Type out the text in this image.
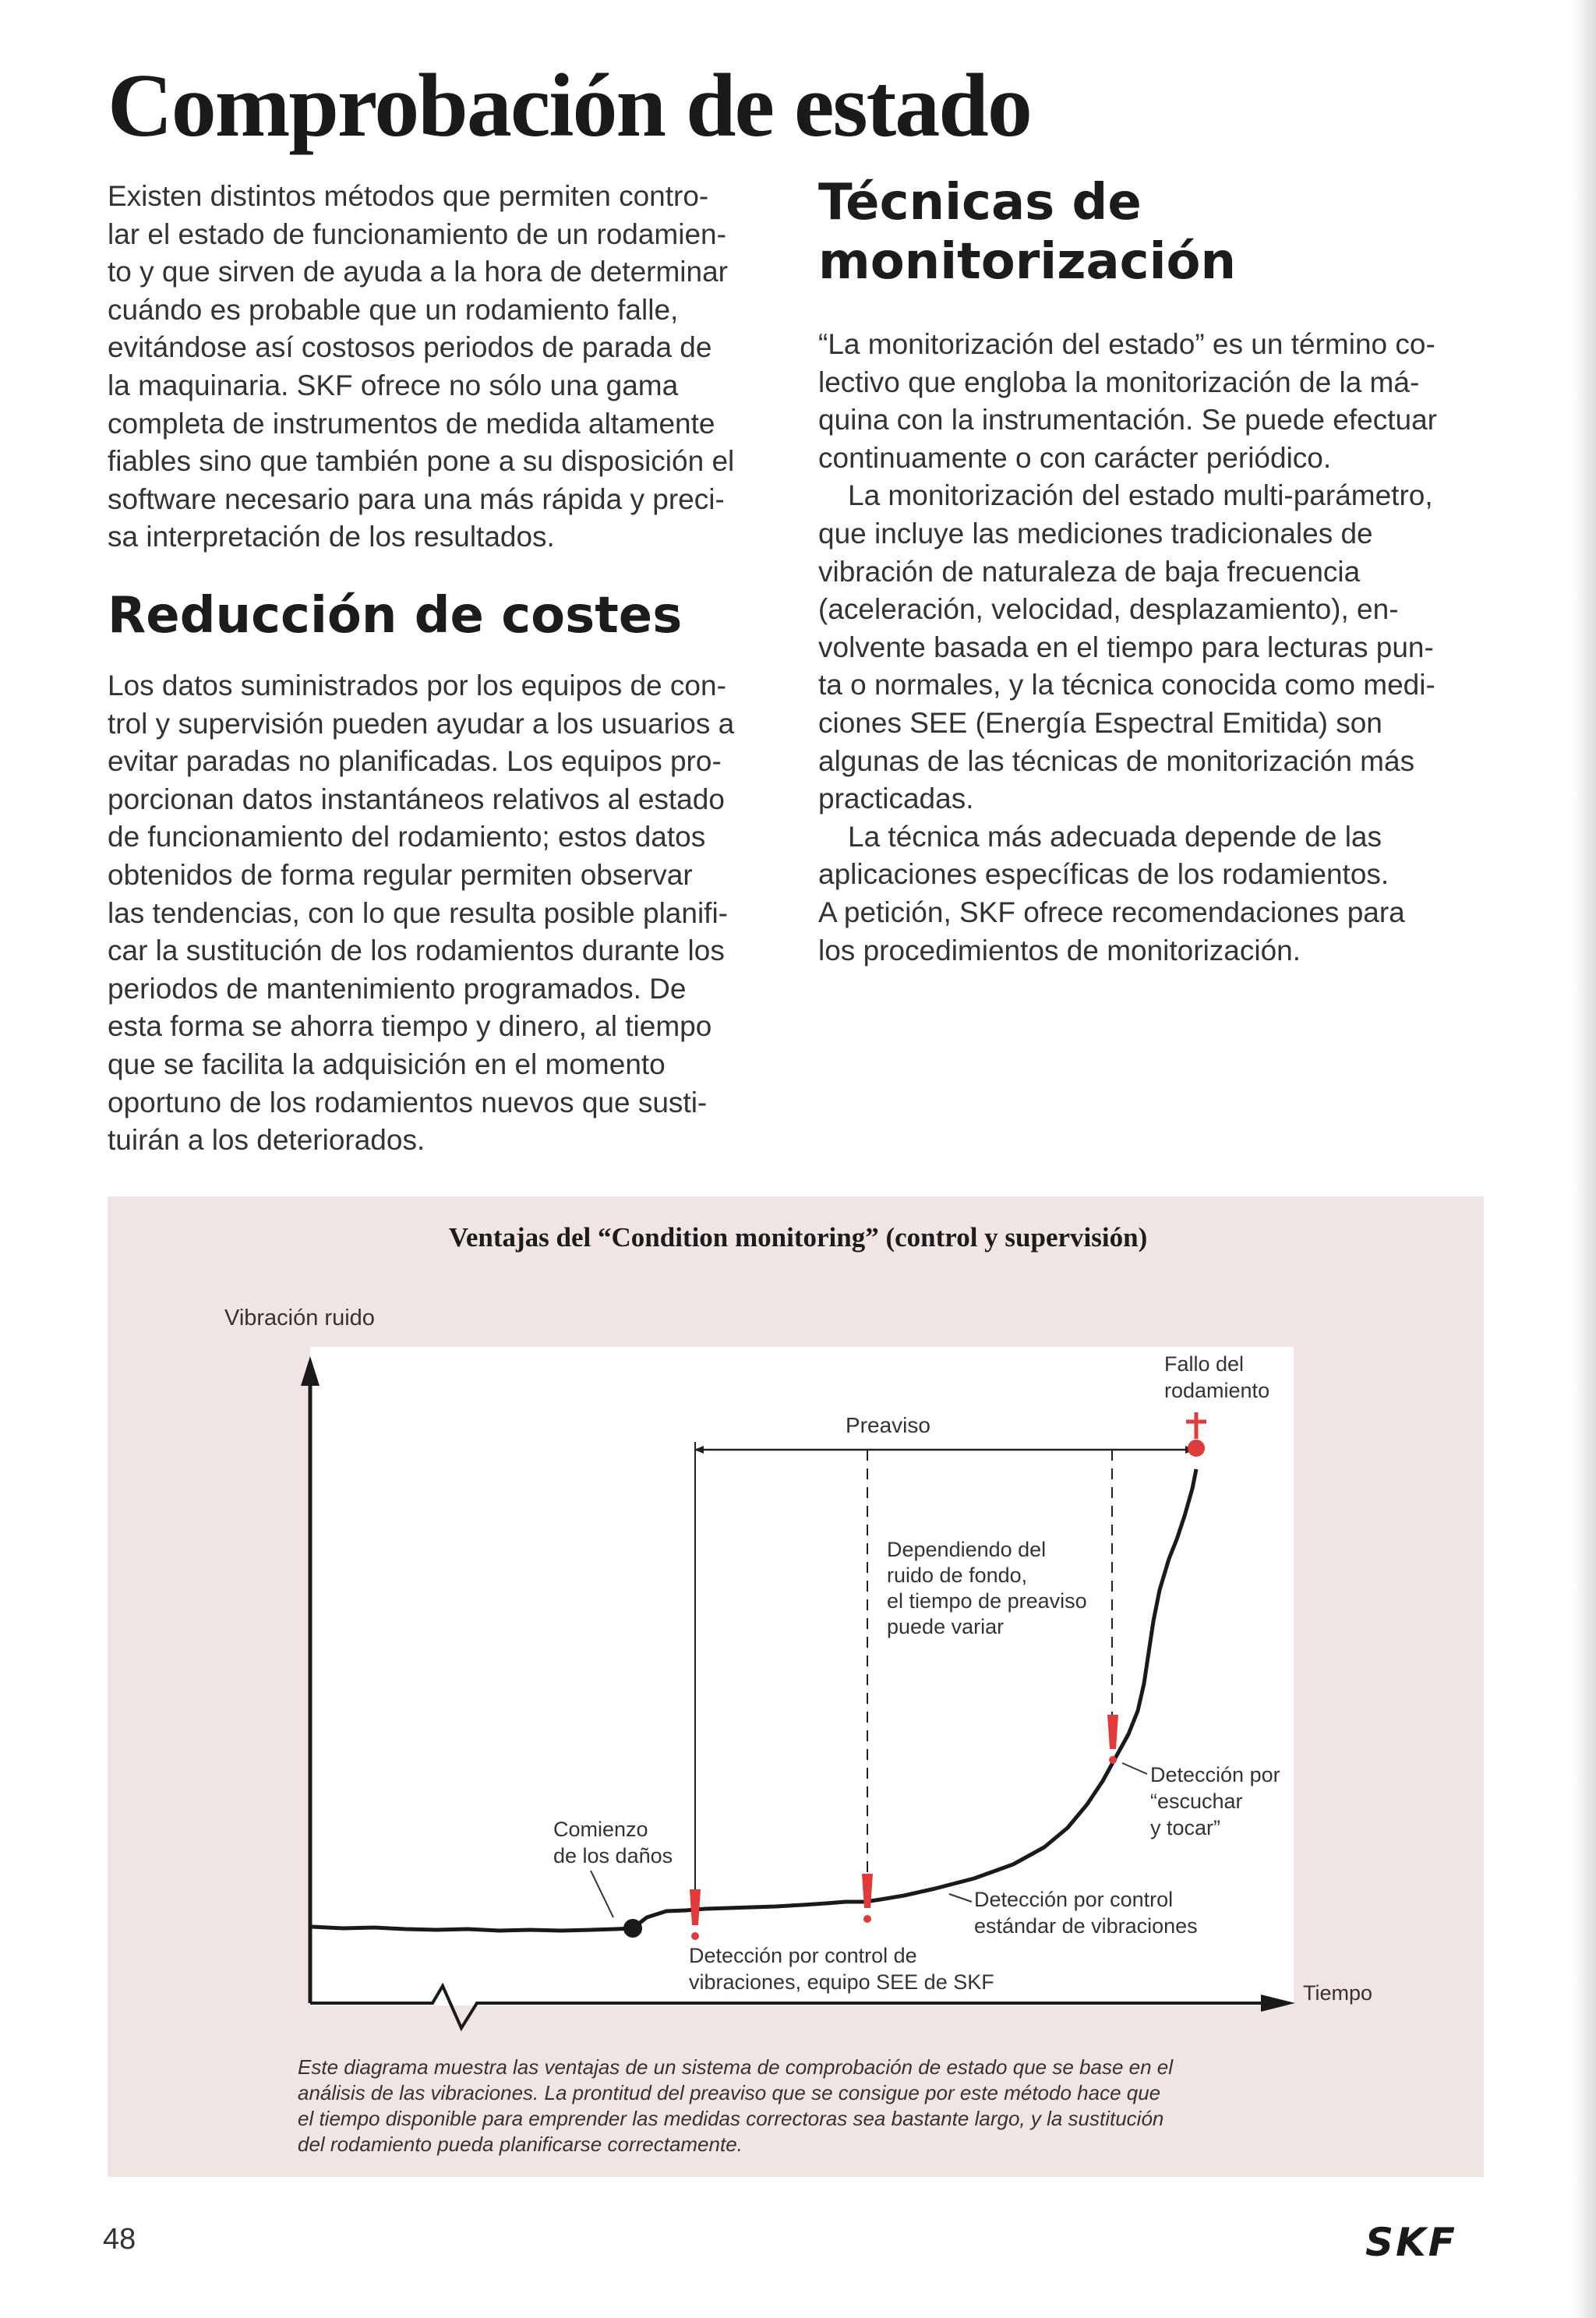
Comprobación de estado

Existen distintos métodos que permiten contro-

lar el estado de funcionamiento de un rodamien-

to y que sirven de ayuda a la hora de determinar

cuándo es probable que un rodamiento falle,

evitándose así costosos periodos de parada de

la maquinaria. SKF ofrece no sólo una gama

completa de instrumentos de medida altamente

fiables sino que también pone a su disposición el

software necesario para una más rápida y preci-

sa interpretación de los resultados.

Reducción de costes

Los datos suministrados por los equipos de con-

trol y supervisión pueden ayudar a los usuarios a

evitar paradas no planificadas. Los equipos pro-

porcionan datos instantáneos relativos al estado

de funcionamiento del rodamiento; estos datos

obtenidos de forma regular permiten observar

las tendencias, con lo que resulta posible planifi-

car la sustitución de los rodamientos durante los

periodos de mantenimiento programados. De

esta forma se ahorra tiempo y dinero, al tiempo

que se facilita la adquisición en el momento

oportuno de los rodamientos nuevos que susti-

tuirán a los deteriorados.

Técnicas de
monitorización

“La monitorización del estado” es un término co-

lectivo que engloba la monitorización de la má-

quina con la instrumentación. Se puede efectuar

continuamente o con carácter periódico.

La monitorización del estado multi-parámetro,

que incluye las mediciones tradicionales de

vibración de naturaleza de baja frecuencia

(aceleración, velocidad, desplazamiento), en-

volvente basada en el tiempo para lecturas pun-

ta o normales, y la técnica conocida como medi-

ciones SEE (Energía Espectral Emitida) son

algunas de las técnicas de monitorización más

practicadas.

La técnica más adecuada depende de las

aplicaciones específicas de los rodamientos.

A petición, SKF ofrece recomendaciones para

los procedimientos de monitorización.

Ventajas del “Condition monitoring” (control y supervisión)
Vibración ruido
Tiempo
Comienzo
de los daños
Preaviso
Dependiendo del
ruido de fondo,
el tiempo de preaviso
puede variar
Fallo del
rodamiento
Detección por
“escuchar
y tocar”
Detección por control
estándar de vibraciones
Detección por control de
vibraciones, equipo SEE de SKF
Este diagrama muestra las ventajas de un sistema de comprobación de estado que se base en el
análisis de las vibraciones. La prontitud del preaviso que se consigue por este método hace que
el tiempo disponible para emprender las medidas correctoras sea bastante largo, y la sustitución
del rodamiento pueda planificarse correctamente.
48	SKF
